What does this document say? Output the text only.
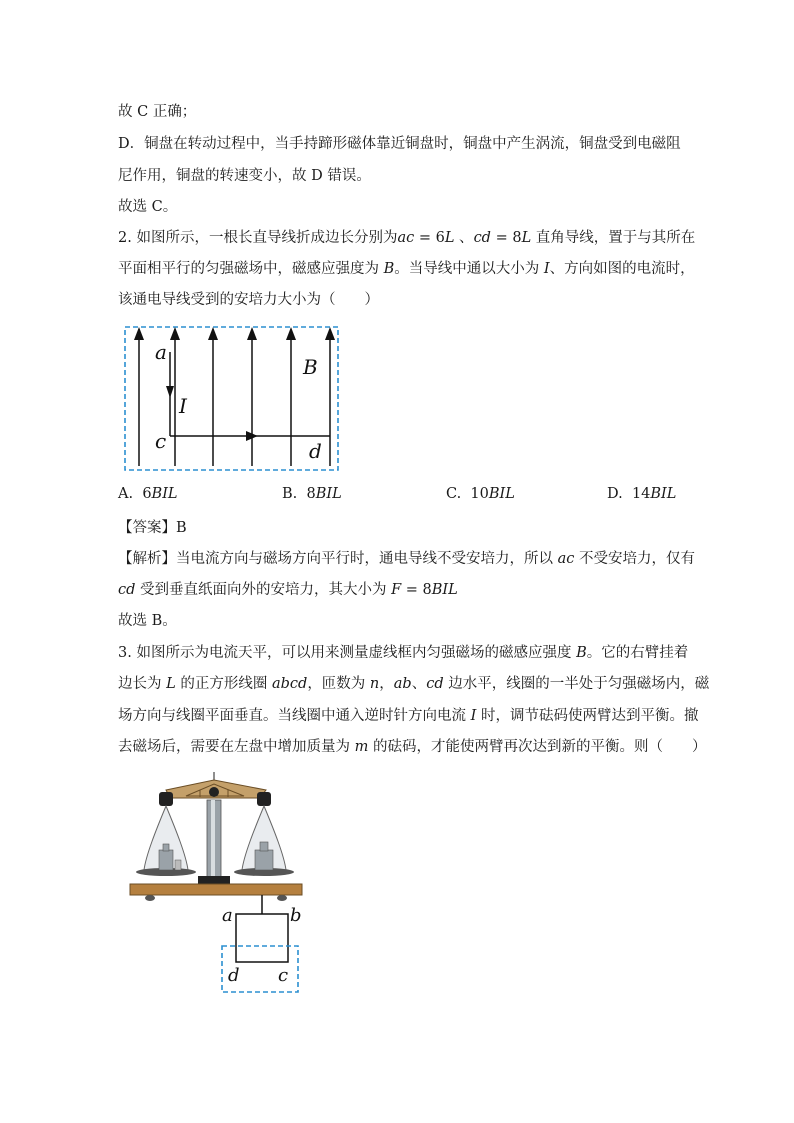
故 C 正确；
D．铜盘在转动过程中，当手持蹄形磁体靠近铜盘时，铜盘中产生涡流，铜盘受到电磁阻
尼作用，铜盘的转速变小，故 D 错误。
故选 C。
2. 如图所示，一根长直导线折成边长分别为ac = 6L 、cd = 8L 直角导线，置于与其所在
平面相平行的匀强磁场中，磁感应强度为 B。当导线中通以大小为 I、方向如图的电流时，
该通电导线受到的安培力大小为（　　）
a
I
c
B
d
A. 6BIL	B. 8BIL	C. 10BIL	D. 14BIL
【答案】B
【解析】当电流方向与磁场方向平行时，通电导线不受安培力，所以 ac 不受安培力，仅有
cd 受到垂直纸面向外的安培力，其大小为 F = 8BIL
故选 B。
3. 如图所示为电流天平，可以用来测量虚线框内匀强磁场的磁感应强度 B。它的右臂挂着
边长为 L 的正方形线圈 abcd，匝数为 n，ab、cd 边水平，线圈的一半处于匀强磁场内，磁
场方向与线圈平面垂直。当线圈中通入逆时针方向电流 I 时，调节砝码使两臂达到平衡。撤
去磁场后，需要在左盘中增加质量为 m 的砝码，才能使两臂再次达到新的平衡。则（　　）
a	b
d c
